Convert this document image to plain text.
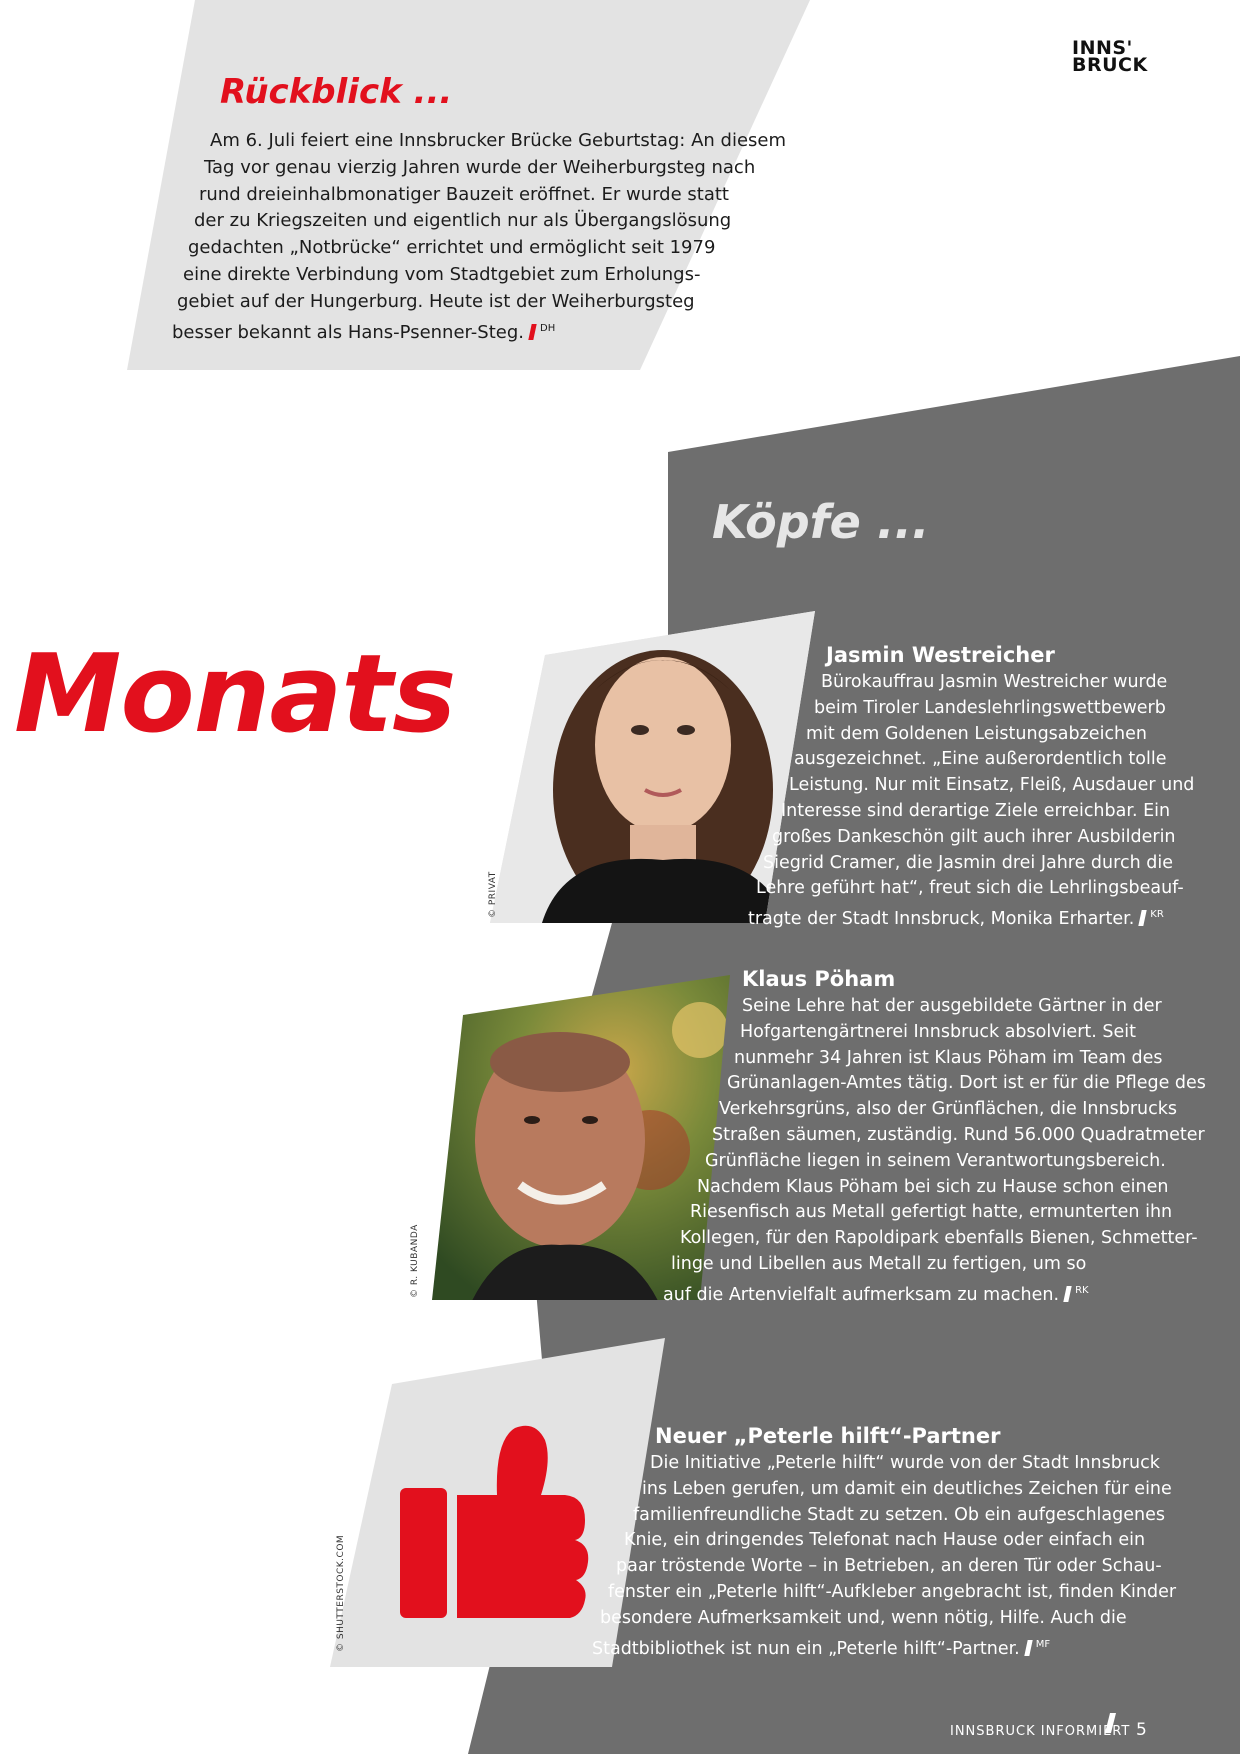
INNS'
BRUCK
Rückblick ...
Am 6. Juli feiert eine Innsbrucker Brücke Geburtstag: An diesem
Tag vor genau vierzig Jahren wurde der Weiherburgsteg nach
rund dreieinhalbmonatiger Bauzeit eröffnet. Er wurde statt
der zu Kriegszeiten und eigentlich nur als Übergangslösung
gedachten „Notbrücke“ errichtet und ermöglicht seit 1979
eine direkte Verbindung vom Stadtgebiet zum Erholungs-
gebiet auf der Hungerburg. Heute ist der Weiherburgsteg
besser bekannt als Hans-Psenner-Steg. $^{DH}$
Köpfe ...
Monats	Jasmin Westreicher
Bürokauffrau Jasmin Westreicher wurde
beim Tiroler Landeslehrlingswettbewerb
mit dem Goldenen Leistungsabzeichen
ausgezeichnet. „Eine außerordentlich tolle
Leistung. Nur mit Einsatz, Fleiß, Ausdauer und
Interesse sind derartige Ziele erreichbar. Ein
großes Dankeschön gilt auch ihrer Ausbilderin
Siegrid Cramer, die Jasmin drei Jahre durch die
Lehre geführt hat“, freut sich die Lehrlingsbeauf-
tragte der Stadt Innsbruck, Monika Erharter. $^{KR}$
© PRIVAT
Klaus Pöham
Seine Lehre hat der ausgebildete Gärtner in der
Hofgartengärtnerei Innsbruck absolviert. Seit
nunmehr 34 Jahren ist Klaus Pöham im Team des
Grünanlagen-Amtes tätig. Dort ist er für die Pflege des
Verkehrsgrüns, also der Grünflächen, die Innsbrucks
Straßen säumen, zuständig. Rund 56.000 Quadratmeter
Grünfläche liegen in seinem Verantwortungsbereich.
Nachdem Klaus Pöham bei sich zu Hause schon einen
Riesenfisch aus Metall gefertigt hatte, ermunterten ihn
Kollegen, für den Rapoldipark ebenfalls Bienen, Schmetter-
linge und Libellen aus Metall zu fertigen, um so
auf die Artenvielfalt aufmerksam zu machen. $^{RK}$
© R. KUBANDA
Neuer „Peterle hilft“-Partner
Die Initiative „Peterle hilft“ wurde von der Stadt Innsbruck
ins Leben gerufen, um damit ein deutliches Zeichen für eine
familienfreundliche Stadt zu setzen. Ob ein aufgeschlagenes
Knie, ein dringendes Telefonat nach Hause oder einfach ein
paar tröstende Worte – in Betrieben, an deren Tür oder Schau-
fenster ein „Peterle hilft“-Aufkleber angebracht ist, finden Kinder
besondere Aufmerksamkeit und, wenn nötig, Hilfe. Auch die
Stadtbibliothek ist nun ein „Peterle hilft“-Partner. $^{MF}$
© SHUTTERSTOCK.COM
INNSBRUCK INFORMIERT 5
